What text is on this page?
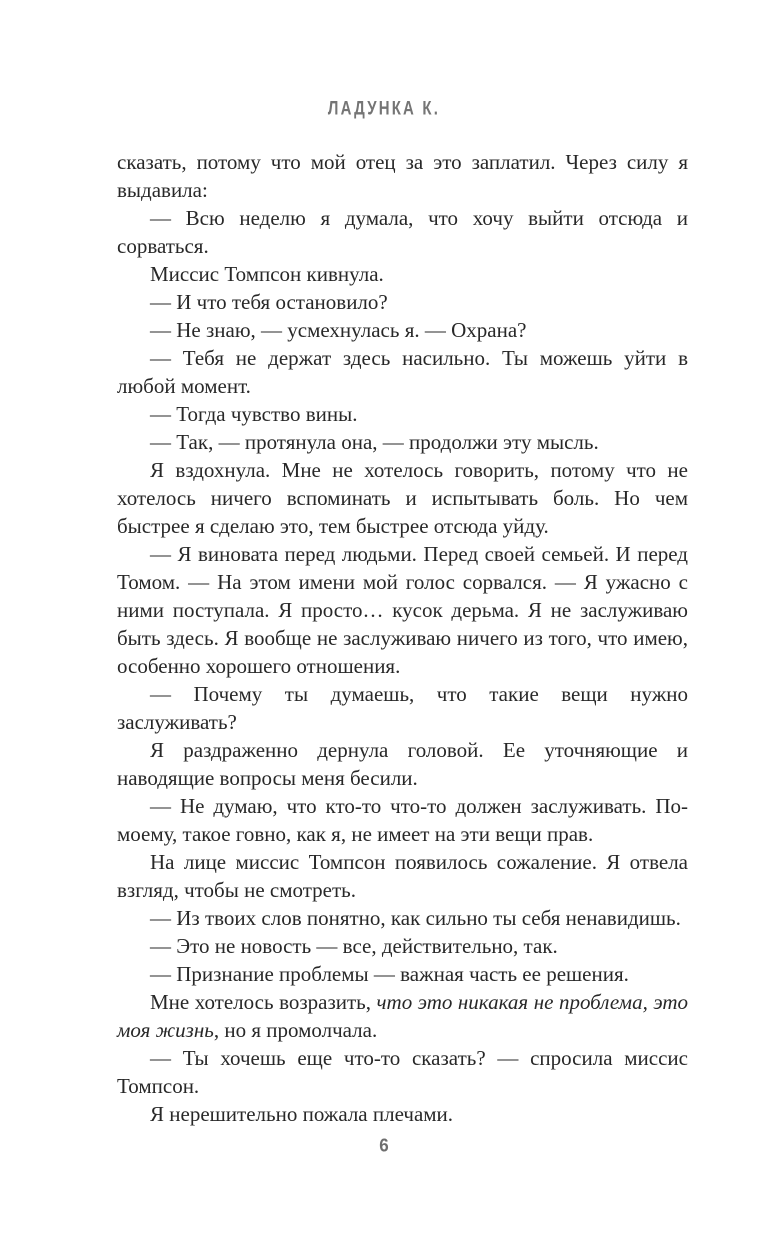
ЛАДУНКА К.

сказать, потому что мой отец за это заплатил. Через силу я выдавила:

— Всю неделю я думала, что хочу выйти отсюда и сорваться.

Миссис Томпсон кивнула.

— И что тебя остановило?

— Не знаю, — усмехнулась я. — Охрана?

— Тебя не держат здесь насильно. Ты можешь уйти в любой момент.

— Тогда чувство вины.

— Так, — протянула она, — продолжи эту мысль.

Я вздохнула. Мне не хотелось говорить, потому что не хотелось ничего вспоминать и испытывать боль. Но чем быстрее я сделаю это, тем быстрее отсюда уйду.

— Я виновата перед людьми. Перед своей семьей. И перед Томом. — На этом имени мой голос сорвался. — Я ужасно с ними поступала. Я просто… кусок дерьма. Я не заслуживаю быть здесь. Я вообще не заслуживаю ничего из того, что имею, особенно хорошего отношения.

— Почему ты думаешь, что такие вещи нужно заслуживать?

Я раздраженно дернула головой. Ее уточняющие и наводящие вопросы меня бесили.

— Не думаю, что кто-то что-то должен заслуживать. По-моему, такое говно, как я, не имеет на эти вещи прав.

На лице миссис Томпсон появилось сожаление. Я отвела взгляд, чтобы не смотреть.

— Из твоих слов понятно, как сильно ты себя ненавидишь.

— Это не новость — все, действительно, так.

— Признание проблемы — важная часть ее решения.

Мне хотелось возразить, что это никакая не проблема, это моя жизнь, но я промолчала.

— Ты хочешь еще что-то сказать? — спросила миссис Томпсон.

Я нерешительно пожала плечами.

6
